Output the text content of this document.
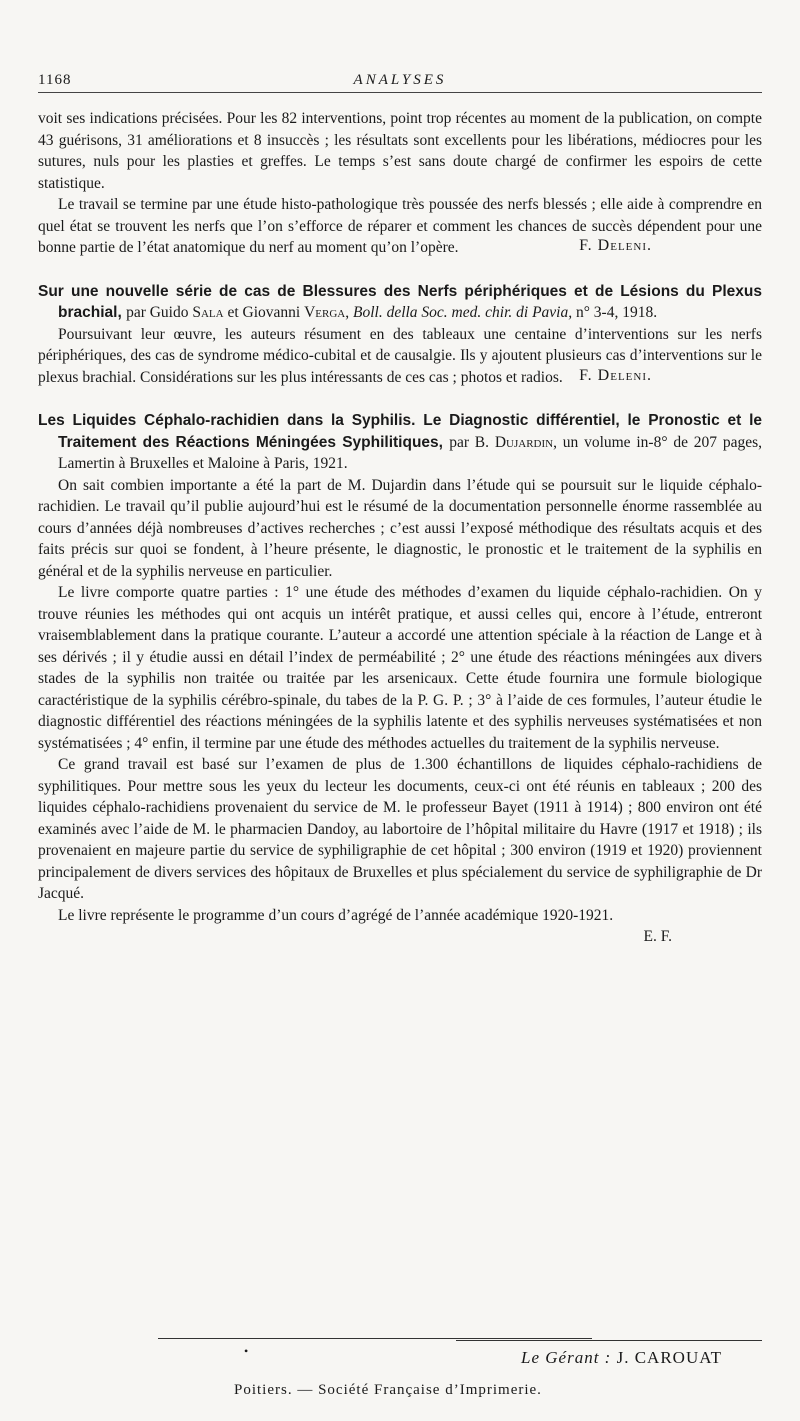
1168	ANALYSES

voit ses indications précisées. Pour les 82 interventions, point trop récentes au moment de la publication, on compte 43 guérisons, 31 améliorations et 8 insuccès ; les résultats sont excellents pour les libérations, médiocres pour les sutures, nuls pour les plasties et greffes. Le temps s’est sans doute chargé de confirmer les espoirs de cette statistique.

Le travail se termine par une étude histo-pathologique très poussée des nerfs blessés ; elle aide à comprendre en quel état se trouvent les nerfs que l’on s’efforce de réparer et comment les chances de succès dépendent pour une bonne partie de l’état anatomique du nerf au moment qu’on l’opère.	F. Deleni.

Sur une nouvelle série de cas de Blessures des Nerfs périphériques et de Lésions du Plexus brachial, par Guido Sala et Giovanni Verga, Boll. della Soc. med. chir. di Pavia, n° 3-4, 1918.

Poursuivant leur œuvre, les auteurs résument en des tableaux une centaine d’interventions sur les nerfs périphériques, des cas de syndrome médico-cubital et de causalgie. Ils y ajoutent plusieurs cas d’interventions sur le plexus brachial. Considérations sur les plus intéressants de ces cas ; photos et radios.	F. Deleni.

Les Liquides Céphalo-rachidien dans la Syphilis. Le Diagnostic différentiel, le Pronostic et le Traitement des Réactions Méningées Syphilitiques, par B. Dujardin, un volume in-8° de 207 pages, Lamertin à Bruxelles et Maloine à Paris, 1921.

On sait combien importante a été la part de M. Dujardin dans l’étude qui se poursuit sur le liquide céphalo-rachidien. Le travail qu’il publie aujourd’hui est le résumé de la documentation personnelle énorme rassemblée au cours d’années déjà nombreuses d’actives recherches ; c’est aussi l’exposé méthodique des résultats acquis et des faits précis sur quoi se fondent, à l’heure présente, le diagnostic, le pronostic et le traitement de la syphilis en général et de la syphilis nerveuse en particulier.

Le livre comporte quatre parties : 1° une étude des méthodes d’examen du liquide céphalo-rachidien. On y trouve réunies les méthodes qui ont acquis un intérêt pratique, et aussi celles qui, encore à l’étude, entreront vraisemblablement dans la pratique courante. L’auteur a accordé une attention spéciale à la réaction de Lange et à ses dérivés ; il y étudie aussi en détail l’index de perméabilité ; 2° une étude des réactions méningées aux divers stades de la syphilis non traitée ou traitée par les arsenicaux. Cette étude fournira une formule biologique caractéristique de la syphilis cérébro-spinale, du tabes de la P. G. P. ; 3° à l’aide de ces formules, l’auteur étudie le diagnostic différentiel des réactions méningées de la syphilis latente et des syphilis nerveuses systématisées et non systématisées ; 4° enfin, il termine par une étude des méthodes actuelles du traitement de la syphilis nerveuse.

Ce grand travail est basé sur l’examen de plus de 1.300 échantillons de liquides céphalo-rachidiens de syphilitiques. Pour mettre sous les yeux du lecteur les documents, ceux-ci ont été réunis en tableaux ; 200 des liquides céphalo-rachidiens provenaient du service de M. le professeur Bayet (1911 à 1914) ; 800 environ ont été examinés avec l’aide de M. le pharmacien Dandoy, au labortoire de l’hôpital militaire du Havre (1917 et 1918) ; ils provenaient en majeure partie du service de syphiligraphie de cet hôpital ; 300 environ (1919 et 1920) proviennent principalement de divers services des hôpitaux de Bruxelles et plus spécialement du service de syphiligraphie de Dr Jacqué.

Le livre représente le programme d’un cours d’agrégé de l’année académique 1920-1921.

E. F.
•	Le Gérant : J. CAROUAT
Poitiers. — Société Française d’Imprimerie.
